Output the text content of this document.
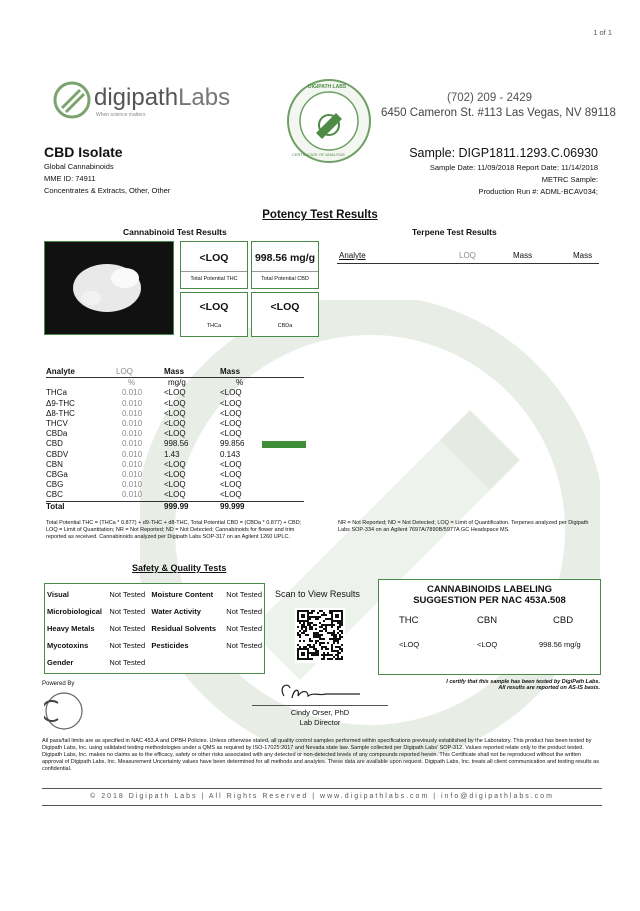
1 of 1
digipathLabs
When science matters
DIGIPATH LABS
CERTIFICATE OF ANALYSIS
(702) 209 - 2429
6450 Cameron St. #113 Las Vegas, NV 89118
CBD Isolate
Global Cannabinoids
MME ID: 74911
Concentrates & Extracts, Other, Other
Sample: DIGP1811.1293.C.06930
Sample Date: 11/09/2018 Report Date: 11/14/2018
METRC Sample:
Production Run #: ADML-BCAV034;
Potency Test Results
Cannabinoid Test Results	Terpene Test Results
<LOQ
Total Potential THC
998.56 mg/g
Total Potential CBD
<LOQ
THCa
<LOQ
CBDa
Analyte	LOQ	Mass	Mass
Analyte	LOQ	Mass	Mass
	%	mg/g	%
THCa	0.010	<LOQ	<LOQ
Δ9-THC	0.010	<LOQ	<LOQ
Δ8-THC	0.010	<LOQ	<LOQ
THCV	0.010	<LOQ	<LOQ
CBDa	0.010	<LOQ	<LOQ
CBD	0.010	998.56	99.856

CBDV	0.010	1.43	0.143
CBN	0.010	<LOQ	<LOQ
CBGa	0.010	<LOQ	<LOQ
CBG	0.010	<LOQ	<LOQ
CBC	0.010	<LOQ	<LOQ
Total		999.99	99.999
Total Potential THC = (THCa * 0.877) + d9-THC + d8-THC, Total Potential CBD = (CBDa * 0.877) + CBD; LOQ = Limit of Quantitation; NR = Not Reported; ND = Not Detected; Cannabinoids for flower and trim reported as received. Cannabinoids analyzed per Digipath Labs SOP-317 on an Agilent 1260 UPLC.
NR = Not Reported; ND = Not Detected; LOQ = Limit of Quantification. Terpenes analyzed per Digipath Labs SOP-334 on an Agilent 7697A/7890B/5977A GC Headspace MS.
Safety & Quality Tests
Visual	Not Tested	Moisture Content	Not Tested
Microbiological	Not Tested	Water Activity	Not Tested
Heavy Metals	Not Tested	Residual Solvents	Not Tested
Mycotoxins	Not Tested	Pesticides	Not Tested
Gender	Not Tested		
Scan to View Results	CANNABINOIDS LABELING
SUGGESTION PER NAC 453A.508
THC	CBN	CBD
<LOQ	<LOQ	998.56 mg/g
Powered By	I certify that this sample has been tested by DigiPath Labs.
All results are reported on AS-IS basis.
Cindy Orser, PhD
Lab Director
All pass/fail limits are as specified in NAC 453.A and DPBH Policies. Unless otherwise stated, all quality control samples performed within specifications previously established by the Laboratory. This product has been tested by Digipath Labs, Inc. using validated testing methodologies under a QMS as required by ISO-17025:2017 and Nevada state law. Sample collected per Digipath Labs' SOP-312. Values reported relate only to the product tested. Digipath Labs, Inc. makes no claims as to the efficacy, safety or other risks associated with any detected or non-detected levels of any compounds reported herein. This Certificate shall not be reproduced without the written approval of Digipath Labs, Inc. Measurement Uncertainty values have been determined for all methods and analytes. These data are available upon request. Digipath Labs, Inc. treats all client communication and testing results as confidential.
© 2018 Digipath Labs | All Rights Reserved | www.digipathlabs.com | info@digipathlabs.com
